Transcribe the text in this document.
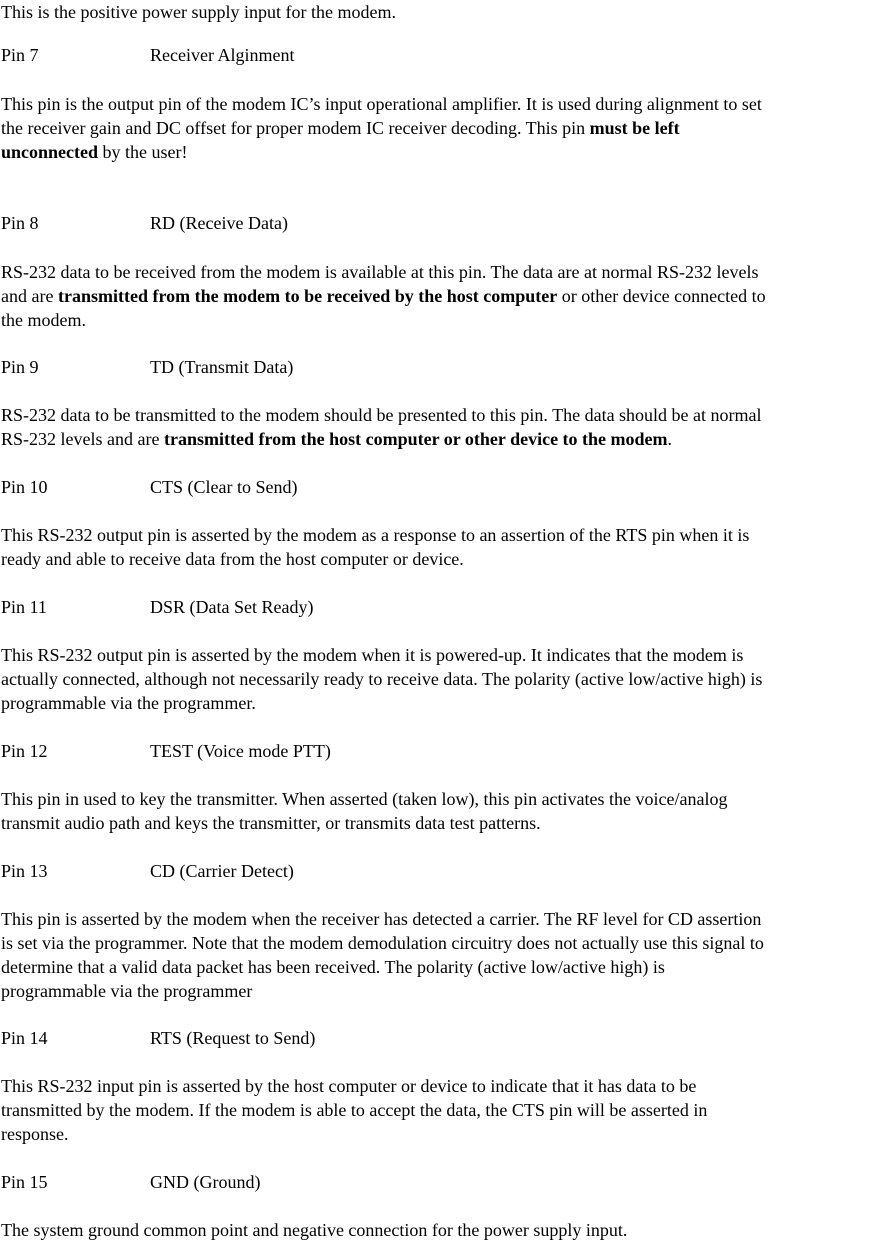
This is the positive power supply input for the modem.
Pin 7	Receiver Alginment
This pin is the output pin of the modem IC’s input operational amplifier. It is used during alignment to set
the receiver gain and DC offset for proper modem IC receiver decoding. This pin must be left
unconnected by the user!
Pin 8	RD (Receive Data)
RS-232 data to be received from the modem is available at this pin. The data are at normal RS-232 levels
and are transmitted from the modem to be received by the host computer or other device connected to
the modem.
Pin 9	TD (Transmit Data)
RS-232 data to be transmitted to the modem should be presented to this pin. The data should be at normal
RS-232 levels and are transmitted from the host computer or other device to the modem.
Pin 10	CTS (Clear to Send)
This RS-232 output pin is asserted by the modem as a response to an assertion of the RTS pin when it is
ready and able to receive data from the host computer or device.
Pin 11	DSR (Data Set Ready)
This RS-232 output pin is asserted by the modem when it is powered-up. It indicates that the modem is
actually connected, although not necessarily ready to receive data. The polarity (active low/active high) is
programmable via the programmer.
Pin 12	TEST (Voice mode PTT)
This pin in used to key the transmitter. When asserted (taken low), this pin activates the voice/analog
transmit audio path and keys the transmitter, or transmits data test patterns.
Pin 13	CD (Carrier Detect)
This pin is asserted by the modem when the receiver has detected a carrier. The RF level for CD assertion
is set via the programmer. Note that the modem demodulation circuitry does not actually use this signal to
determine that a valid data packet has been received. The polarity (active low/active high) is
programmable via the programmer
Pin 14	RTS (Request to Send)
This RS-232 input pin is asserted by the host computer or device to indicate that it has data to be
transmitted by the modem. If the modem is able to accept the data, the CTS pin will be asserted in
response.
Pin 15	GND (Ground)
The system ground common point and negative connection for the power supply input.
